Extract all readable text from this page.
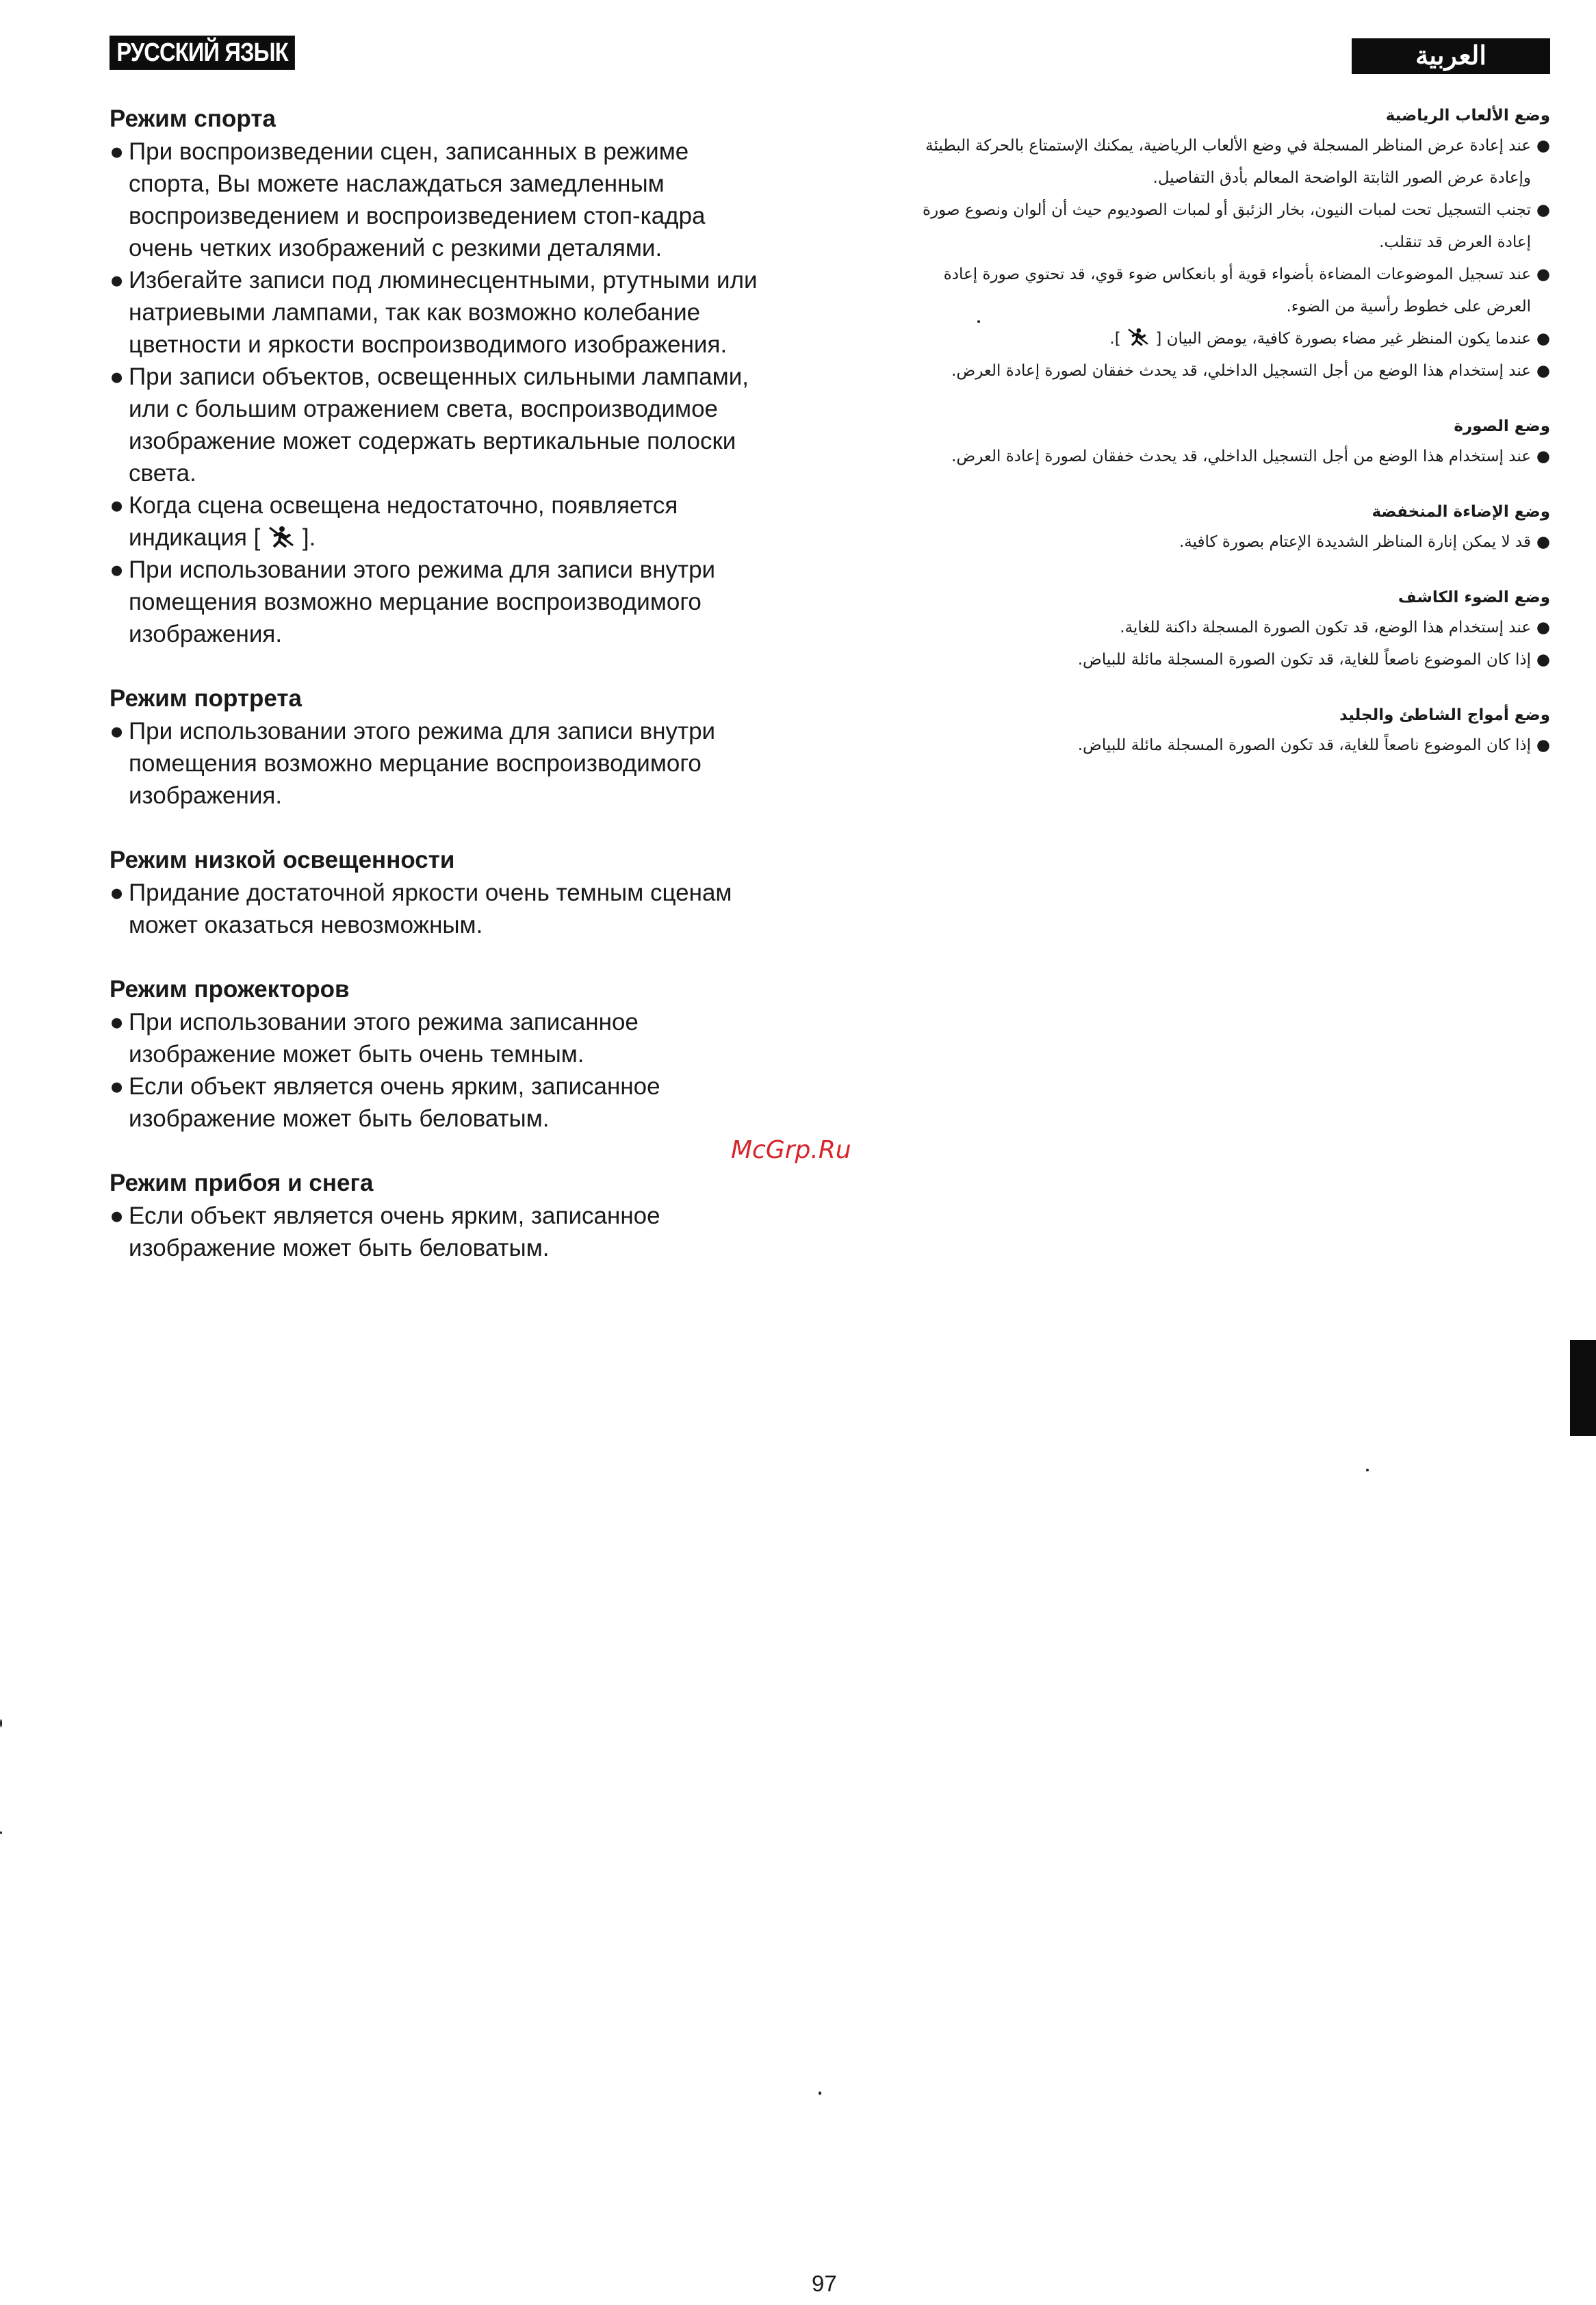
РУССКИЙ ЯЗЫК	العربية

Режим спорта

● При воспроизведении сцен, записанных в режиме спорта, Вы можете наслаждаться замедленным воспроизведением и воспроизведением стоп-кадра очень четких изображений с резкими деталями.

● Избегайте записи под люминесцентными, ртутными или натриевыми лампами, так как возможно колебание цветности и яркости воспроизводимого изображения.

● При записи объектов, освещенных сильными лампами, или с большим отражением света, воспроизводимое изображение может содержать вертикальные полоски света.

● Когда сцена освещена недостаточно, появляется индикация [ ].

● При использовании этого режима для записи внутри помещения возможно мерцание воспроизводимого изображения.

Режим портрета

● При использовании этого режима для записи внутри помещения возможно мерцание воспроизводимого изображения.

Режим низкой освещенности

● Придание достаточной яркости очень темным сценам может оказаться невозможным.

Режим прожекторов

● При использовании этого режима записанное изображение может быть очень темным.

● Если объект является очень ярким, записанное изображение может быть беловатым.

Режим прибоя и снега

● Если объект является очень ярким, записанное изображение может быть беловатым.

وضع الألعاب الرياضية

●
عند إعادة عرض المناظر المسجلة في وضع الألعاب الرياضية، يمكنك الإستمتاع بالحركة البطيئة وإعادة عرض الصور الثابتة الواضحة المعالم بأدق التفاصيل.

●
تجنب التسجيل تحت لمبات النيون، بخار الزئبق أو لمبات الصوديوم حيث أن ألوان ونصوع صورة إعادة العرض قد تنقلب.

●
عند تسجيل الموضوعات المضاءة بأضواء قوية أو بانعكاس ضوء قوي، قد تحتوي صورة إعادة العرض على خطوط رأسية من الضوء.

●
عندما يكون المنظر غير مضاء بصورة كافية، يومض البيان [  ].

●
عند إستخدام هذا الوضع من أجل التسجيل الداخلي، قد يحدث خفقان لصورة إعادة العرض.

وضع الصورة

●
عند إستخدام هذا الوضع من أجل التسجيل الداخلي، قد يحدث خفقان لصورة إعادة العرض.

وضع الإضاءة المنخفضة

●
قد لا يمكن إنارة المناظر الشديدة الإعتام بصورة كافية.

وضع الضوء الكاشف

●
عند إستخدام هذا الوضع، قد تكون الصورة المسجلة داكنة للغاية.

●
إذا كان الموضوع ناصعاً للغاية، قد تكون الصورة المسجلة مائلة للبياض.

وضع أمواج الشاطئ والجليد

●
إذا كان الموضوع ناصعاً للغاية، قد تكون الصورة المسجلة مائلة للبياض.

McGrp.Ru
97
